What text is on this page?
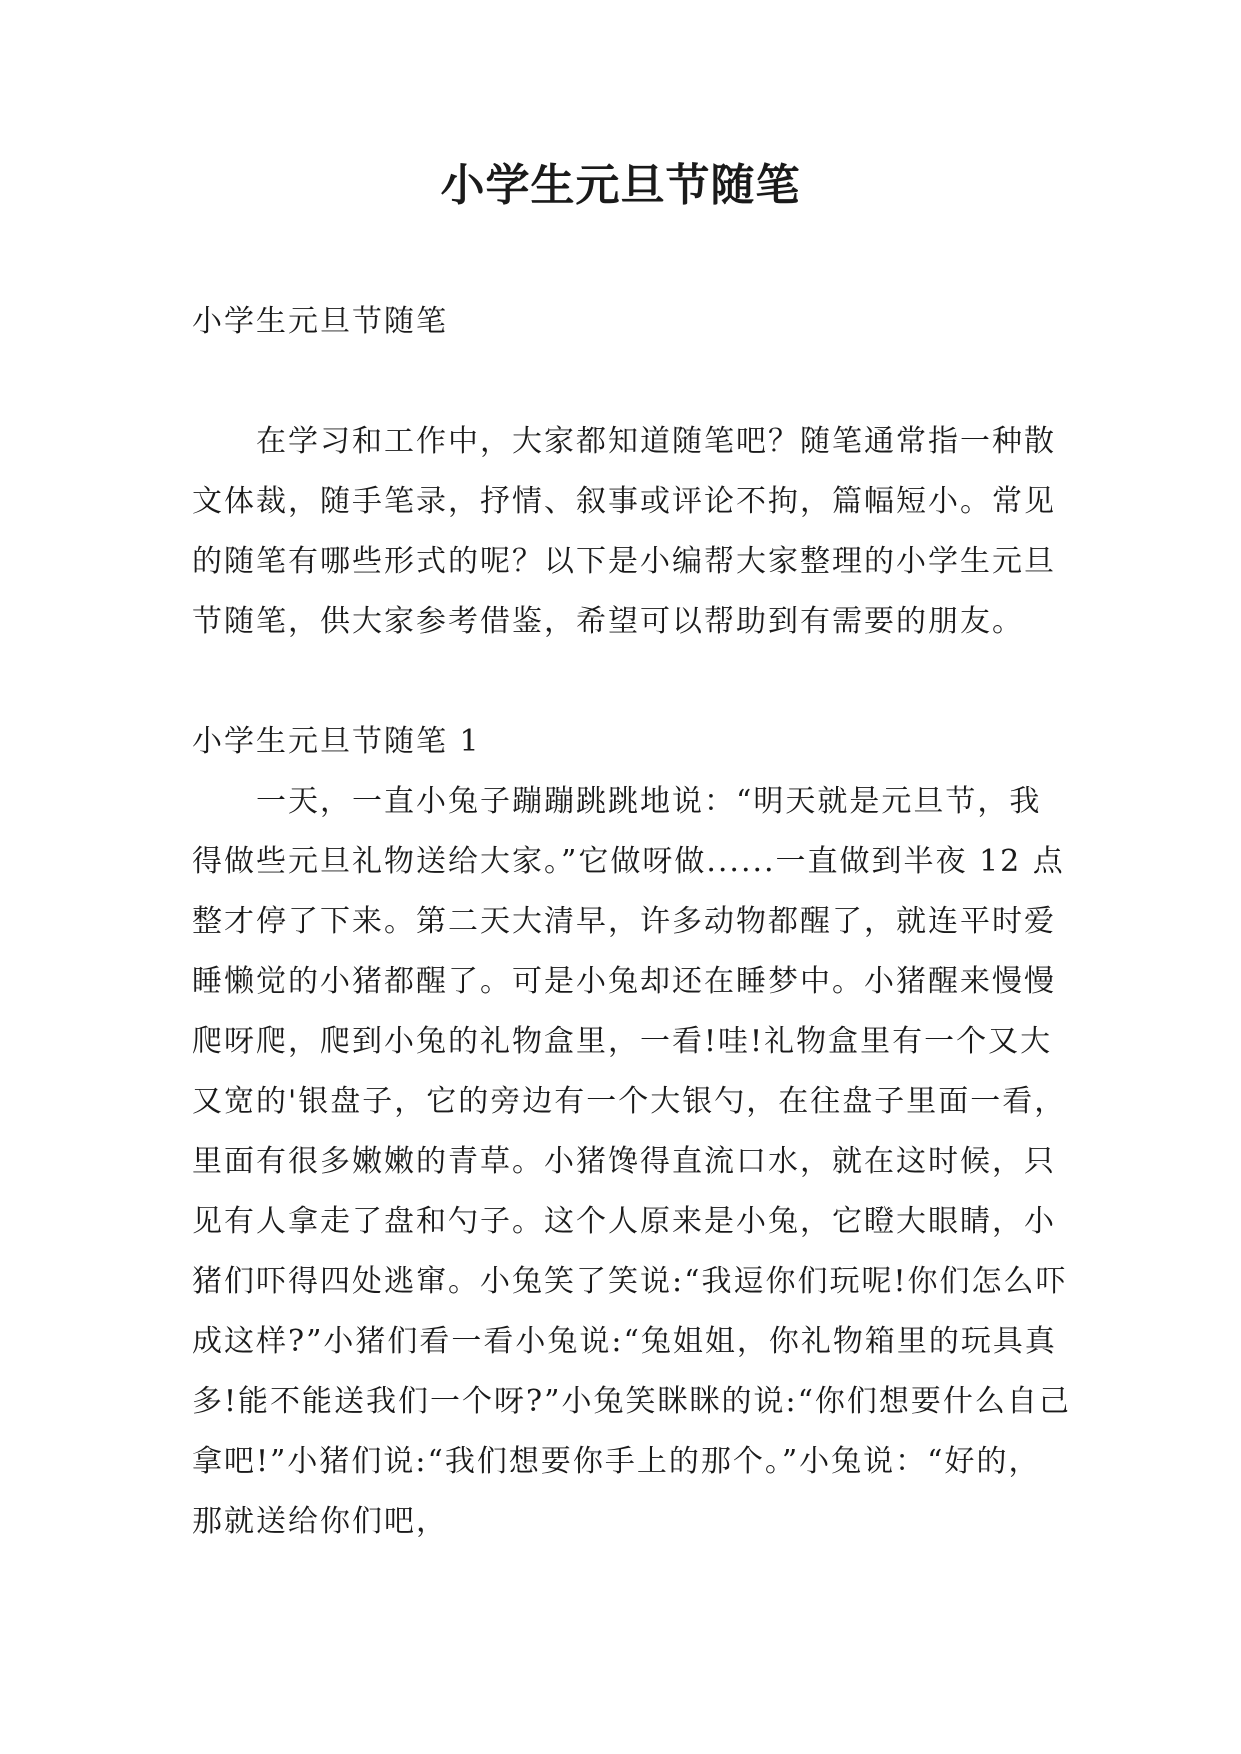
小学生元旦节随笔

小学生元旦节随笔

在学习和工作中，大家都知道随笔吧？随笔通常指一种散文体裁，随手笔录，抒情、叙事或评论不拘，篇幅短小。常见的随笔有哪些形式的呢？以下是小编帮大家整理的小学生元旦节随笔，供大家参考借鉴，希望可以帮助到有需要的朋友。

小学生元旦节随笔 1

一天，一直小兔子蹦蹦跳跳地说：“明天就是元旦节，我得做些元旦礼物送给大家。”它做呀做......一直做到半夜 12 点整才停了下来。第二天大清早，许多动物都醒了，就连平时爱睡懒觉的小猪都醒了。可是小兔却还在睡梦中。小猪醒来慢慢爬呀爬，爬到小兔的礼物盒里，一看!哇!礼物盒里有一个又大又宽的'银盘子，它的旁边有一个大银勺，在往盘子里面一看，里面有很多嫩嫩的青草。小猪馋得直流口水，就在这时候，只见有人拿走了盘和勺子。这个人原来是小兔，它瞪大眼睛，小猪们吓得四处逃窜。小兔笑了笑说:“我逗你们玩呢!你们怎么吓成这样?”小猪们看一看小兔说:“兔姐姐，你礼物箱里的玩具真多!能不能送我们一个呀?”小兔笑眯眯的说:“你们想要什么自己拿吧!”小猪们说:“我们想要你手上的那个。”小兔说：“好的，那就送给你们吧，
